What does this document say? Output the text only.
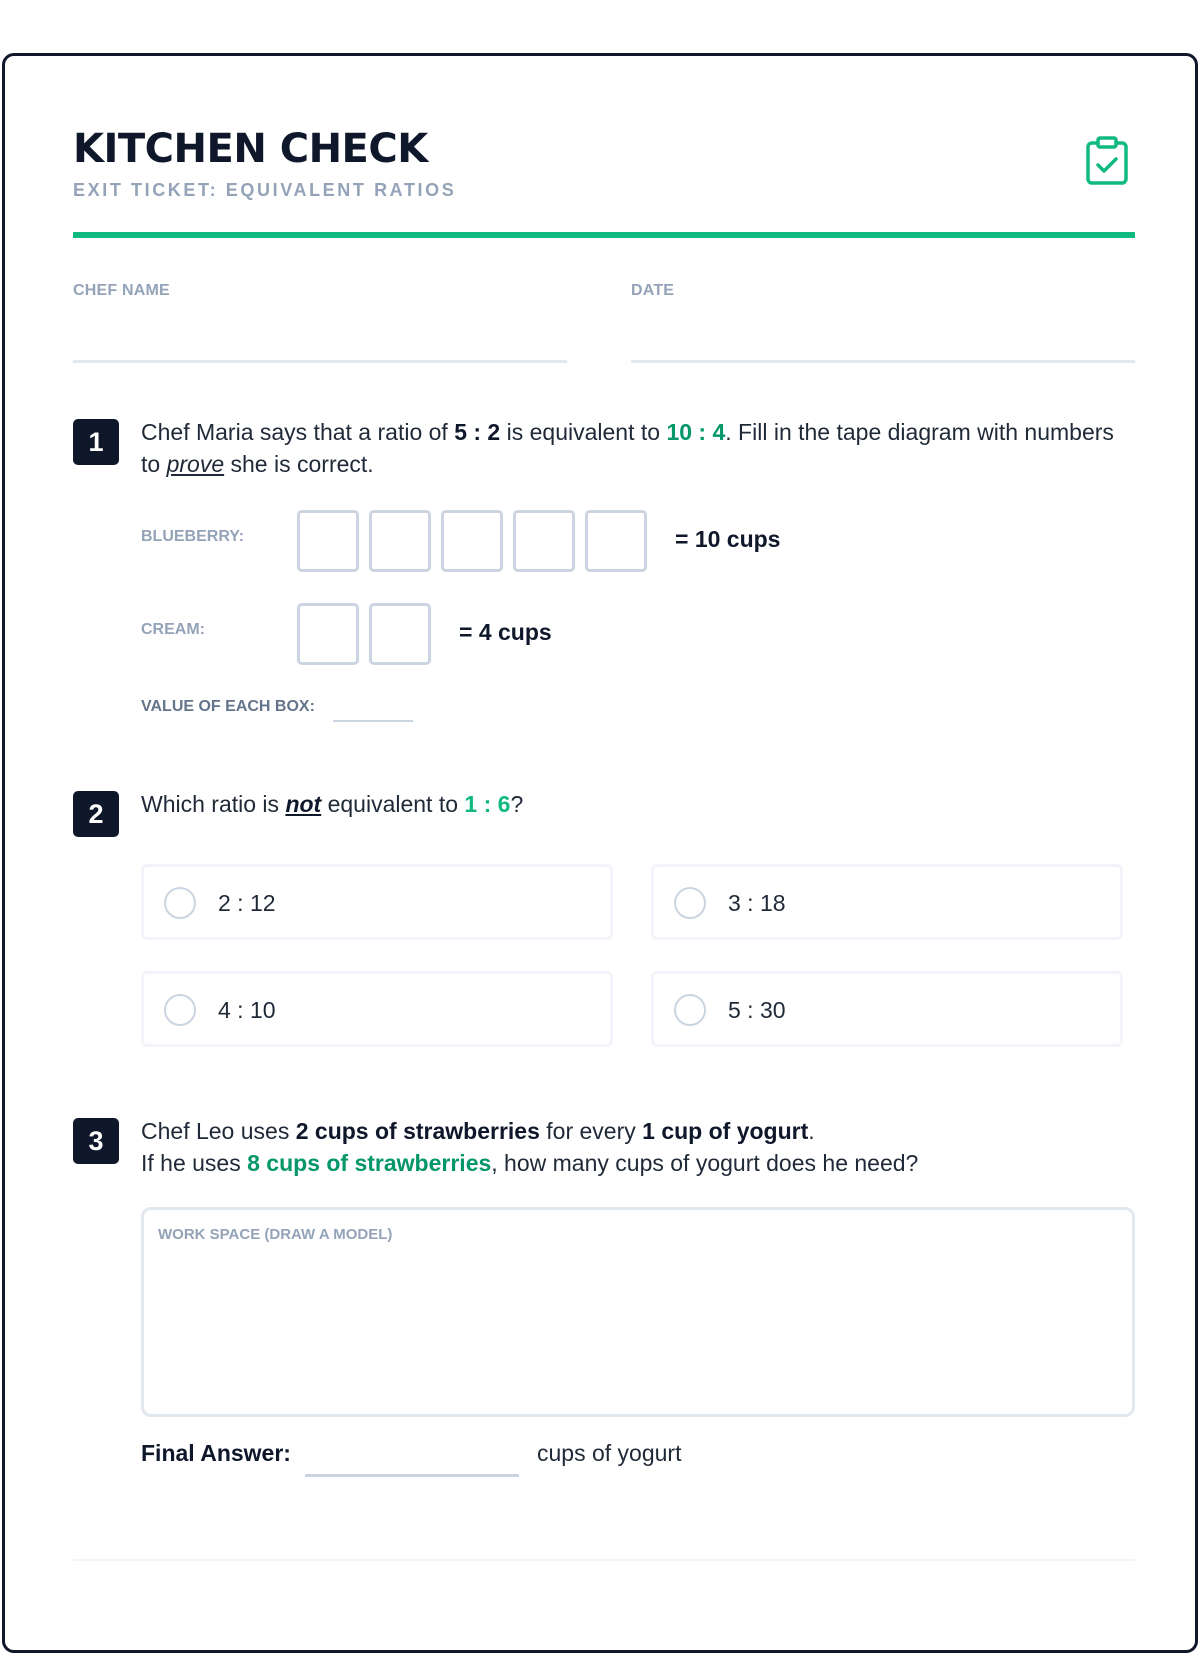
KITCHEN CHECK
EXIT TICKET: EQUIVALENT RATIOS
CHEF NAME	DATE
1	Chef Maria says that a ratio of 5 : 2 is equivalent to 10 : 4. Fill in the tape diagram with numbers to prove she is correct.
BLUEBERRY:	= 10 cups
CREAM:	= 4 cups
VALUE OF EACH BOX:
2	Which ratio is not equivalent to 1 : 6?
2 : 12	3 : 18
4 : 10	5 : 30
3	Chef Leo uses 2 cups of strawberries for every 1 cup of yogurt.
If he uses 8 cups of strawberries, how many cups of yogurt does he need?
WORK SPACE (DRAW A MODEL)
Final Answer:	cups of yogurt
